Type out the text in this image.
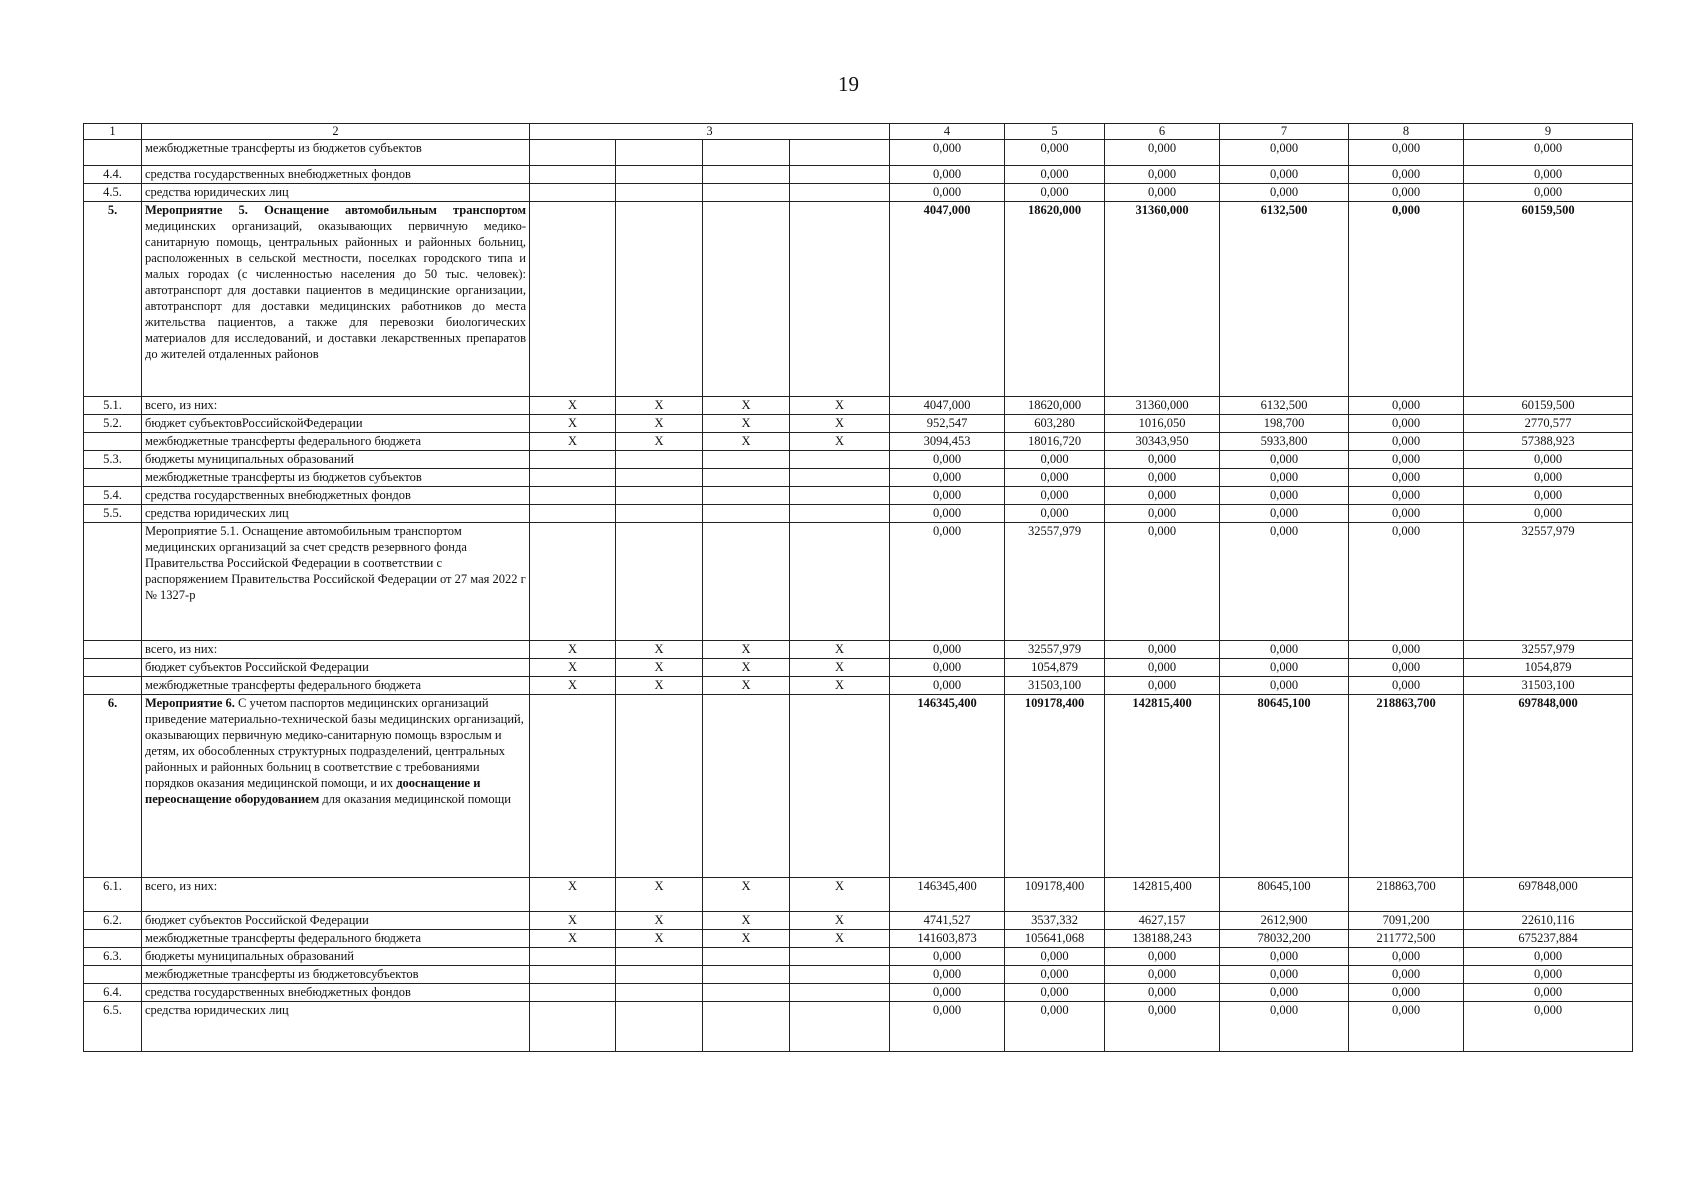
19
1	2	3				4	5	6	7	8	9
	межбюджетные трансферты из бюджетов субъектов					0,000	0,000	0,000	0,000	0,000	0,000
4.4.	средства государственных внебюджетных фондов					0,000	0,000	0,000	0,000	0,000	0,000
4.5.	средства юридических лиц					0,000	0,000	0,000	0,000	0,000	0,000
5.	Мероприятие 5. Оснащение автомобильным транспортом медицинских организаций, оказывающих первичную медико-санитарную помощь, центральных районных и районных больниц, расположенных в сельской местности, поселках городского типа и малых городах (с численностью населения до 50 тыс. человек): автотранспорт для доставки пациентов в медицинские организации, автотранспорт для доставки медицинских работников до места жительства пациентов, а также для перевозки биологических материалов для исследований, и доставки лекарственных препаратов до жителей отдаленных районов					4047,000	18620,000	31360,000	6132,500	0,000	60159,500
5.1.	всего, из них:	X	X	X	X	4047,000	18620,000	31360,000	6132,500	0,000	60159,500
5.2.	бюджет субъектовРоссийскойФедерации	X	X	X	X	952,547	603,280	1016,050	198,700	0,000	2770,577
	межбюджетные трансферты федерального бюджета	X	X	X	X	3094,453	18016,720	30343,950	5933,800	0,000	57388,923
5.3.	бюджеты муниципальных образований					0,000	0,000	0,000	0,000	0,000	0,000
	межбюджетные трансферты из бюджетов субъектов					0,000	0,000	0,000	0,000	0,000	0,000
5.4.	средства государственных внебюджетных фондов					0,000	0,000	0,000	0,000	0,000	0,000
5.5.	средства юридических лиц					0,000	0,000	0,000	0,000	0,000	0,000
	Мероприятие 5.1. Оснащение автомобильным транспортом медицинских организаций за счет средств резервного фонда Правительства Российской Федерации в соответствии с распоряжением Правительства Российской Федерации от 27 мая 2022 г № 1327-р					0,000	32557,979	0,000	0,000	0,000	32557,979
	всего, из них:	X	X	X	X	0,000	32557,979	0,000	0,000	0,000	32557,979
	бюджет субъектов Российской Федерации	X	X	X	X	0,000	1054,879	0,000	0,000	0,000	1054,879
	межбюджетные трансферты федерального бюджета	X	X	X	X	0,000	31503,100	0,000	0,000	0,000	31503,100
6.	Мероприятие 6. С учетом паспортов медицинских организаций приведение материально-технической базы медицинских организаций, оказывающих первичную медико-санитарную помощь взрослым и детям, их обособленных структурных подразделений, центральных районных и районных больниц в соответствие с требованиями порядков оказания медицинской помощи, и их дооснащение и переоснащение оборудованием для оказания медицинской помощи					146345,400	109178,400	142815,400	80645,100	218863,700	697848,000
6.1.	всего, из них:	X	X	X	X	146345,400	109178,400	142815,400	80645,100	218863,700	697848,000
6.2.	бюджет субъектов Российской Федерации	X	X	X	X	4741,527	3537,332	4627,157	2612,900	7091,200	22610,116
	межбюджетные трансферты федерального бюджета	X	X	X	X	141603,873	105641,068	138188,243	78032,200	211772,500	675237,884
6.3.	бюджеты муниципальных образований					0,000	0,000	0,000	0,000	0,000	0,000
	межбюджетные трансферты из бюджетовсубъектов					0,000	0,000	0,000	0,000	0,000	0,000
6.4.	средства государственных внебюджетных фондов					0,000	0,000	0,000	0,000	0,000	0,000
6.5.	средства юридических лиц					0,000	0,000	0,000	0,000	0,000	0,000
